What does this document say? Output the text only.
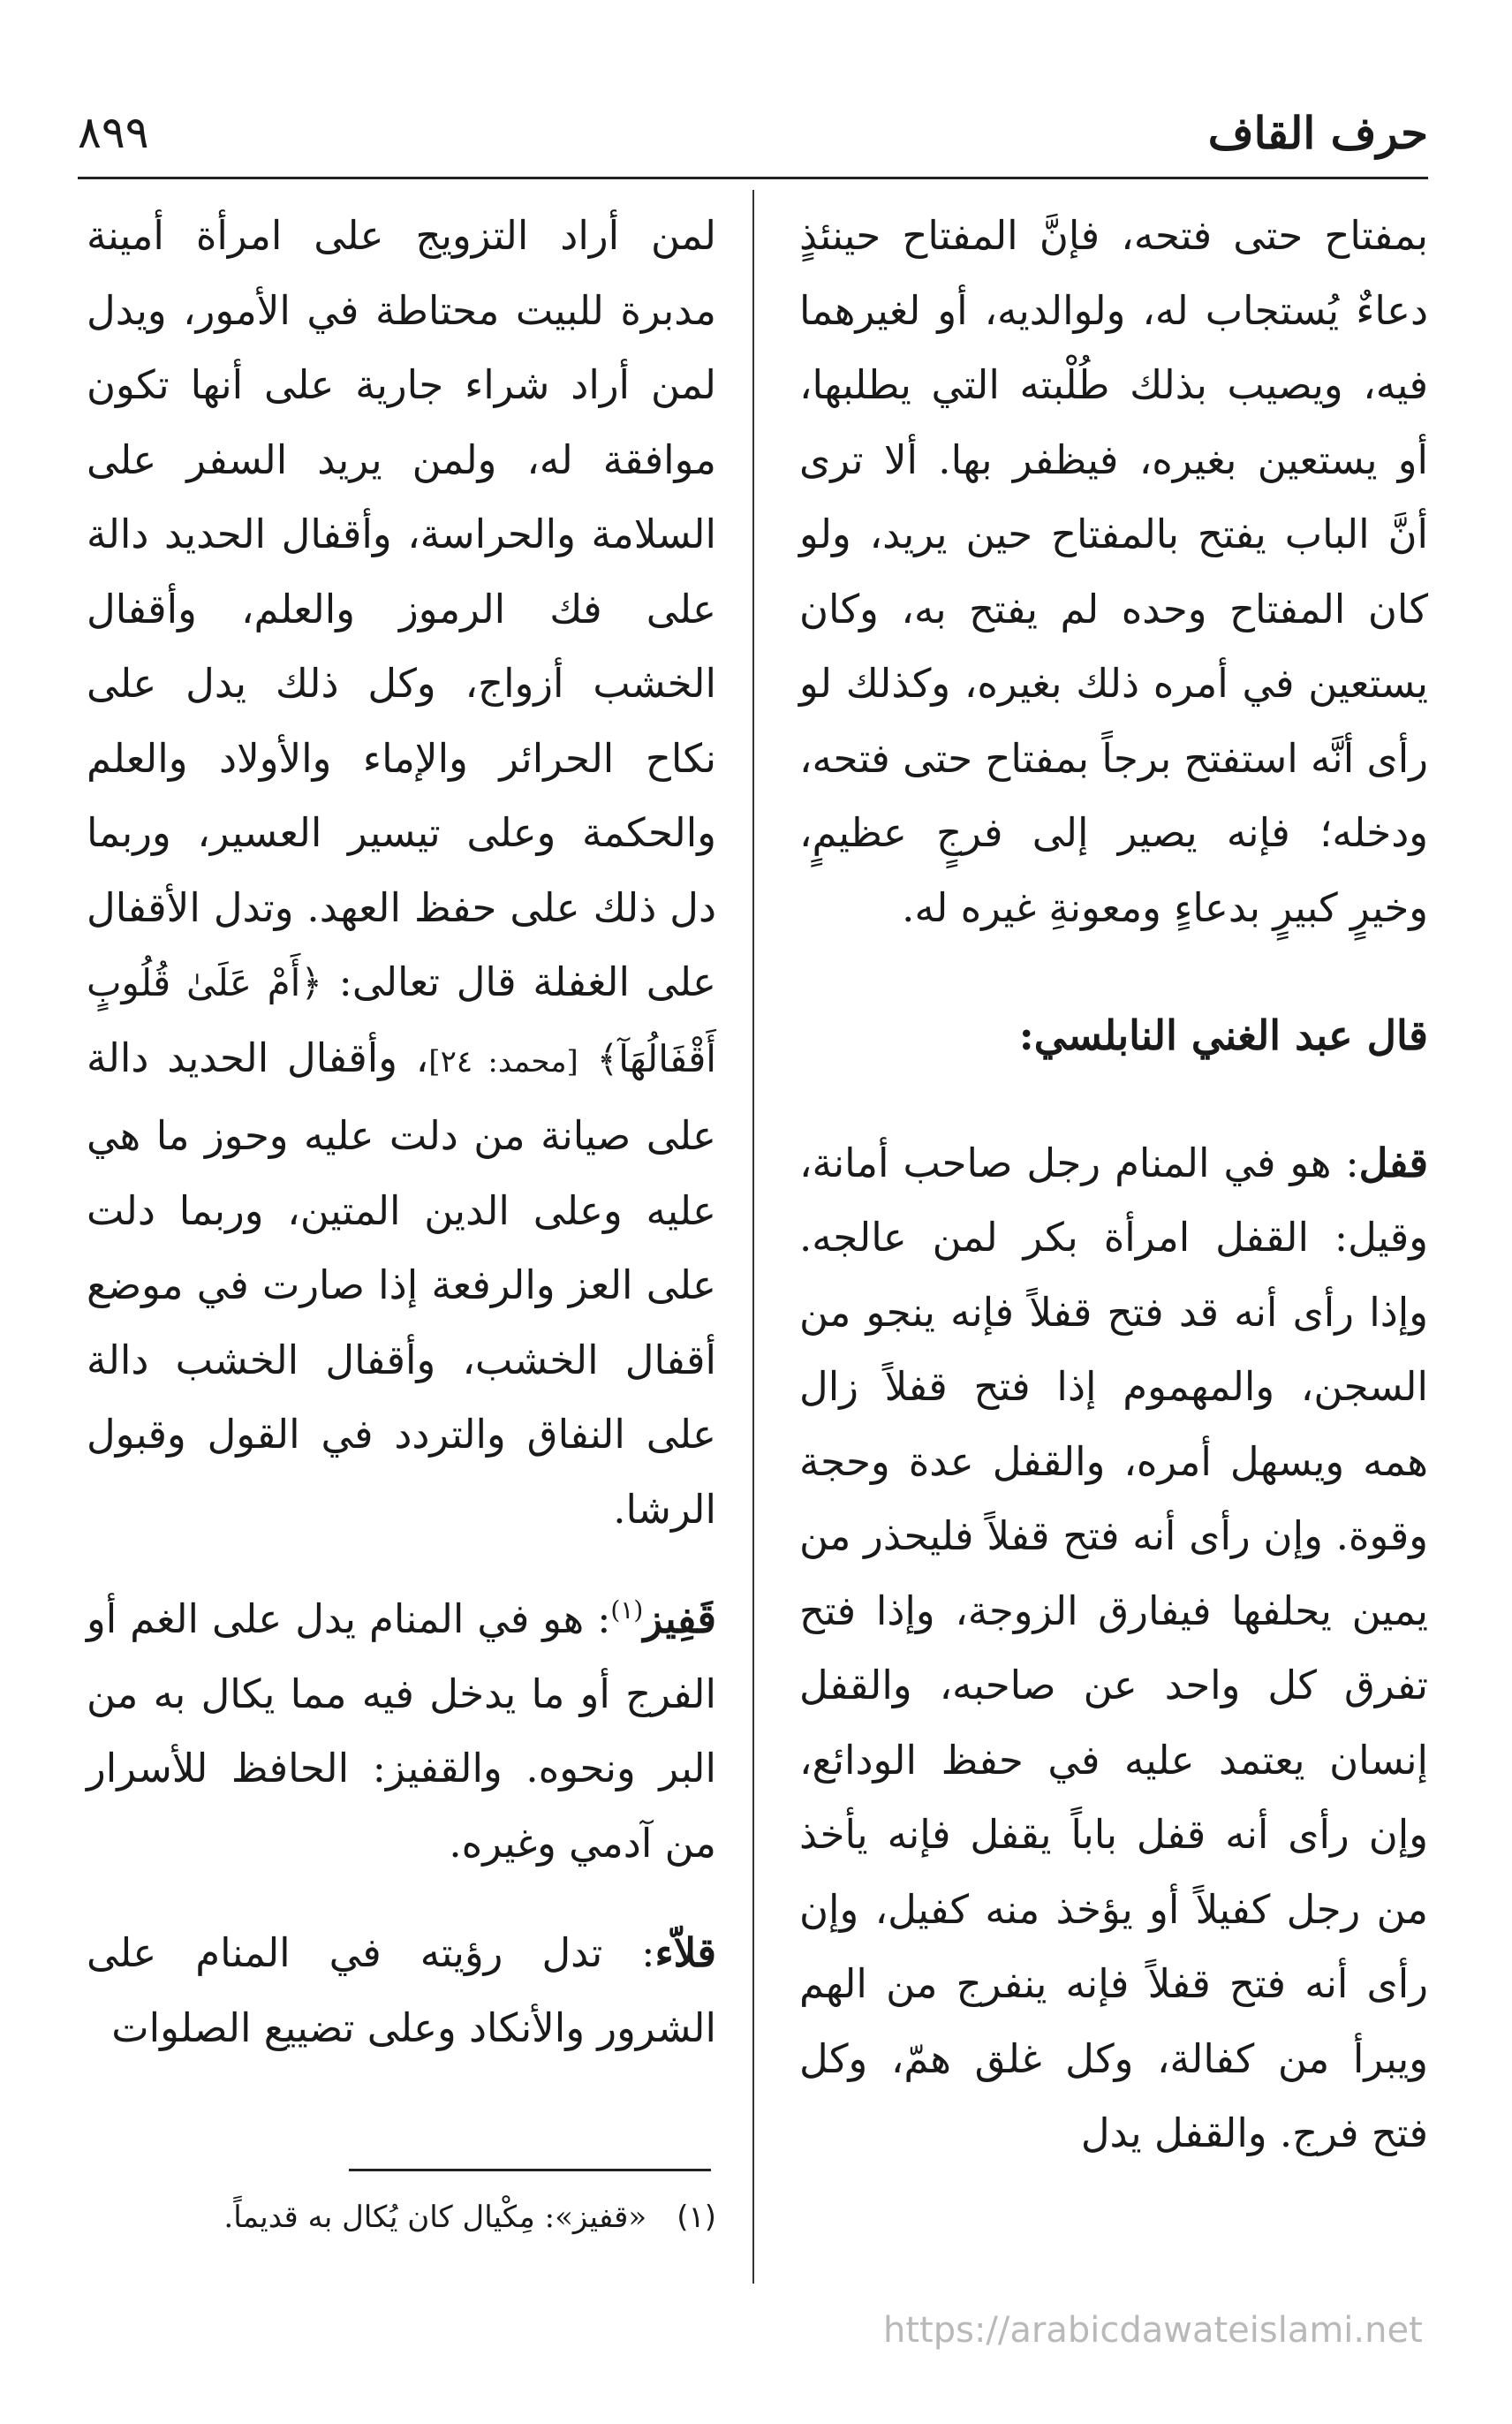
٨٩٩	حرف القاف

بمفتاح حتى فتحه، فإنَّ المفتاح حينئذٍ دعاءٌ يُستجاب له، ولوالديه، أو لغيرهما فيه، ويصيب بذلك طُلْبته التي يطلبها، أو يستعين بغيره، فيظفر بها. ألا ترى أنَّ الباب يفتح بالمفتاح حين يريد، ولو كان المفتاح وحده لم يفتح به، وكان يستعين في أمره ذلك بغيره، وكذلك لو رأى أنَّه استفتح برجاً بمفتاح حتى فتحه، ودخله؛ فإنه يصير إلى فرجٍ عظيمٍ، وخيرٍ كبيرٍ بدعاءٍ ومعونةِ غيره له.

قال عبد الغني النابلسي:

قفل: هو في المنام رجل صاحب أمانة، وقيل: القفل امرأة بكر لمن عالجه. وإذا رأى أنه قد فتح قفلاً فإنه ينجو من السجن، والمهموم إذا فتح قفلاً زال همه ويسهل أمره، والقفل عدة وحجة وقوة. وإن رأى أنه فتح قفلاً فليحذر من يمين يحلفها فيفارق الزوجة، وإذا فتح تفرق كل واحد عن صاحبه، والقفل إنسان يعتمد عليه في حفظ الودائع، وإن رأى أنه قفل باباً يقفل فإنه يأخذ من رجل كفيلاً أو يؤخذ منه كفيل، وإن رأى أنه فتح قفلاً فإنه ينفرج من الهم ويبرأ من كفالة، وكل غلق همّ، وكل فتح فرج. والقفل يدل

لمن أراد التزويج على امرأة أمينة مدبرة للبيت محتاطة في الأمور، ويدل لمن أراد شراء جارية على أنها تكون موافقة له، ولمن يريد السفر على السلامة والحراسة، وأقفال الحديد دالة على فك الرموز والعلم، وأقفال الخشب أزواج، وكل ذلك يدل على نكاح الحرائر والإماء والأولاد والعلم والحكمة وعلى تيسير العسير، وربما دل ذلك على حفظ العهد. وتدل الأقفال على الغفلة قال تعالى: ﴿أَمْ عَلَىٰ قُلُوبٍ أَقْفَالُهَآ﴾ [محمد: ٢٤]، وأقفال الحديد دالة على صيانة من دلت عليه وحوز ما هي عليه وعلى الدين المتين، وربما دلت على العز والرفعة إذا صارت في موضع أقفال الخشب، وأقفال الخشب دالة على النفاق والتردد في القول وقبول الرشا.

قَفِيز$^{(١)}$: هو في المنام يدل على الغم أو الفرج أو ما يدخل فيه مما يكال به من البر ونحوه. والقفيز: الحافظ للأسرار من آدمي وغيره.

قلاّء: تدل رؤيته في المنام على الشرور والأنكاد وعلى تضييع الصلوات

(١)«قفيز»: مِكْيال كان يُكال به قديماً.
https://arabicdawateislami.net
